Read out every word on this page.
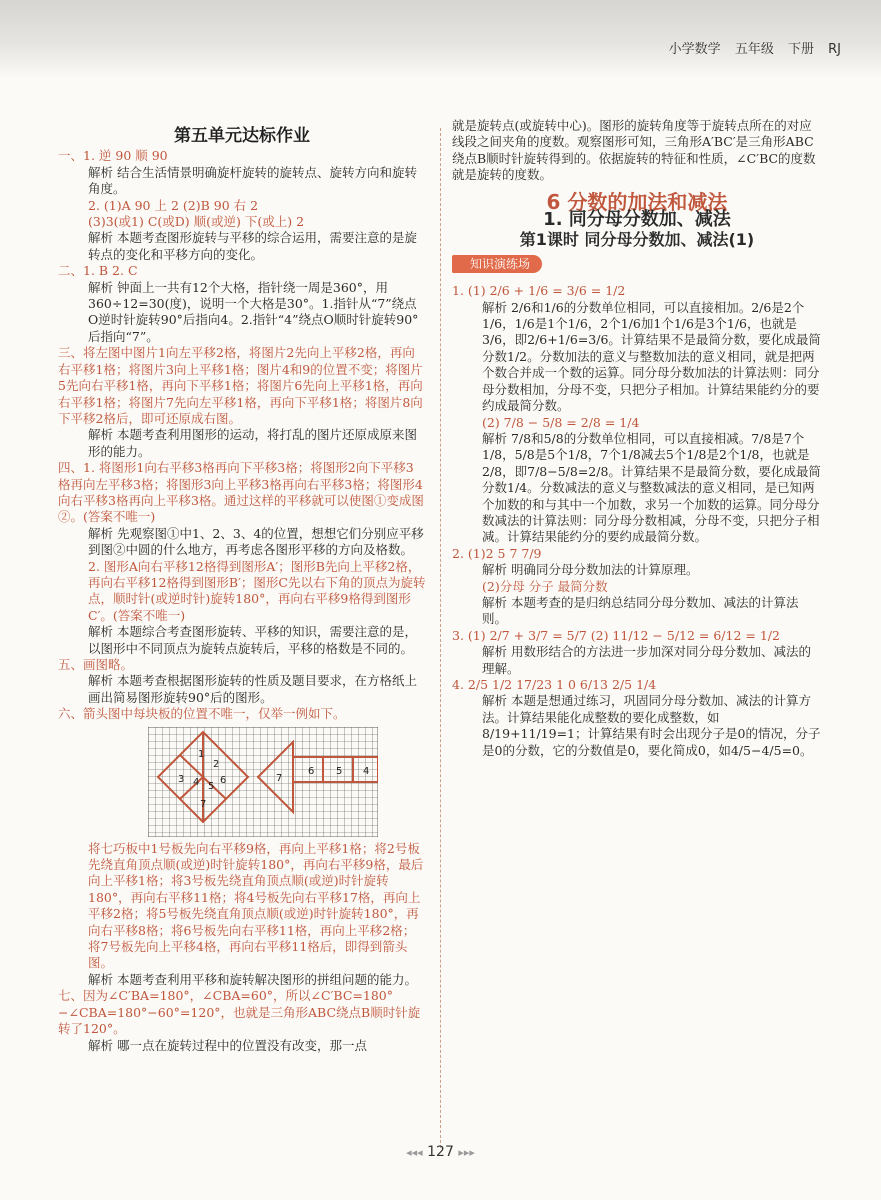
小学数学 五年级 下册 RJ
第五单元达标作业

一、1. 逆 90 顺 90

解析 结合生活情景明确旋杆旋转的旋转点、旋转方向和旋转角度。

2. (1)A 90 上 2 (2)B 90 右 2

(3)3(或1) C(或D) 顺(或逆) 下(或上) 2

解析 本题考查图形旋转与平移的综合运用，需要注意的是旋转点的变化和平移方向的变化。

二、1. B 2. C

解析 钟面上一共有12个大格，指针绕一周是360°，用360÷12=30(度)，说明一个大格是30°。1.指针从“7”绕点O逆时针旋转90°后指向4。2.指针“4”绕点O顺时针旋转90°后指向“7”。

三、将左图中图片1向左平移2格，将图片2先向上平移2格，再向右平移1格；将图片3向上平移1格；图片4和9的位置不变；将图片5先向右平移1格，再向下平移1格；将图片6先向上平移1格，再向右平移1格；将图片7先向左平移1格，再向下平移1格；将图片8向下平移2格后，即可还原成右图。

解析 本题考查利用图形的运动，将打乱的图片还原成原来图形的能力。

四、1. 将图形1向右平移3格再向下平移3格；将图形2向下平移3格再向左平移3格；将图形3向上平移3格再向右平移3格；将图形4向右平移3格再向上平移3格。通过这样的平移就可以使图①变成图②。(答案不唯一)

解析 先观察图①中1、2、3、4的位置，想想它们分别应平移到图②中圆的什么地方，再考虑各图形平移的方向及格数。

2. 图形A向右平移12格得到图形A′；图形B先向上平移2格，再向右平移12格得到图形B′；图形C先以右下角的顶点为旋转点，顺时针(或逆时针)旋转180°，再向右平移9格得到图形C′。(答案不唯一)

解析 本题综合考查图形旋转、平移的知识，需要注意的是，以图形中不同顶点为旋转点旋转后，平移的格数是不同的。

五、画图略。

解析 本题考查根据图形旋转的性质及题目要求，在方格纸上画出简易图形旋转90°后的图形。

六、箭头图中每块板的位置不唯一，仅举一例如下。

1
2
3 4 5
6
7
7
6 5 4

将七巧板中1号板先向右平移9格，再向上平移1格；将2号板先绕直角顶点顺(或逆)时针旋转180°，再向右平移9格，最后向上平移1格；将3号板先绕直角顶点顺(或逆)时针旋转180°，再向右平移11格；将4号板先向右平移17格，再向上平移2格；将5号板先绕直角顶点顺(或逆)时针旋转180°，再向右平移8格；将6号板先向右平移11格，再向上平移2格；将7号板先向上平移4格，再向右平移11格后，即得到箭头图。

解析 本题考查利用平移和旋转解决图形的拼组问题的能力。

七、因为∠C′BA=180°，∠CBA=60°，所以∠C′BC=180°−∠CBA=180°−60°=120°，也就是三角形ABC绕点B顺时针旋转了120°。

解析 哪一点在旋转过程中的位置没有改变，那一点

就是旋转点(或旋转中心)。图形的旋转角度等于旋转点所在的对应线段之间夹角的度数。观察图形可知，三角形A′BC′是三角形ABC绕点B顺时针旋转得到的。依据旋转的特征和性质，∠C′BC的度数就是旋转的度数。

6 分数的加法和减法
1. 同分母分数加、减法
第1课时 同分母分数加、减法(1)
知识演练场

1. (1) 2/6 + 1/6 = 3/6 = 1/2

解析 2/6和1/6的分数单位相同，可以直接相加。2/6是2个1/6，1/6是1个1/6，2个1/6加1个1/6是3个1/6，也就是3/6，即2/6+1/6=3/6。计算结果不是最简分数，要化成最简分数1/2。分数加法的意义与整数加法的意义相同，就是把两个数合并成一个数的运算。同分母分数加法的计算法则：同分母分数相加，分母不变，只把分子相加。计算结果能约分的要约成最简分数。

(2) 7/8 − 5/8 = 2/8 = 1/4

解析 7/8和5/8的分数单位相同，可以直接相减。7/8是7个1/8，5/8是5个1/8，7个1/8减去5个1/8是2个1/8，也就是2/8，即7/8−5/8=2/8。计算结果不是最简分数，要化成最简分数1/4。分数减法的意义与整数减法的意义相同，是已知两个加数的和与其中一个加数，求另一个加数的运算。同分母分数减法的计算法则：同分母分数相减，分母不变，只把分子相减。计算结果能约分的要约成最简分数。

2. (1)2 5 7 7/9

解析 明确同分母分数加法的计算原理。

(2)分母 分子 最简分数

解析 本题考查的是归纳总结同分母分数加、减法的计算法则。

3. (1) 2/7 + 3/7 = 5/7 (2) 11/12 − 5/12 = 6/12 = 1/2

解析 用数形结合的方法进一步加深对同分母分数加、减法的理解。

4. 2/5 1/2 17/23 1 0 6/13 2/5 1/4

解析 本题是想通过练习，巩固同分母分数加、减法的计算方法。计算结果能化成整数的要化成整数，如8/19+11/19=1；计算结果有时会出现分子是0的情况，分子是0的分数，它的分数值是0，要化简成0，如4/5−4/5=0。

◂◂◂ 127 ▸▸▸
